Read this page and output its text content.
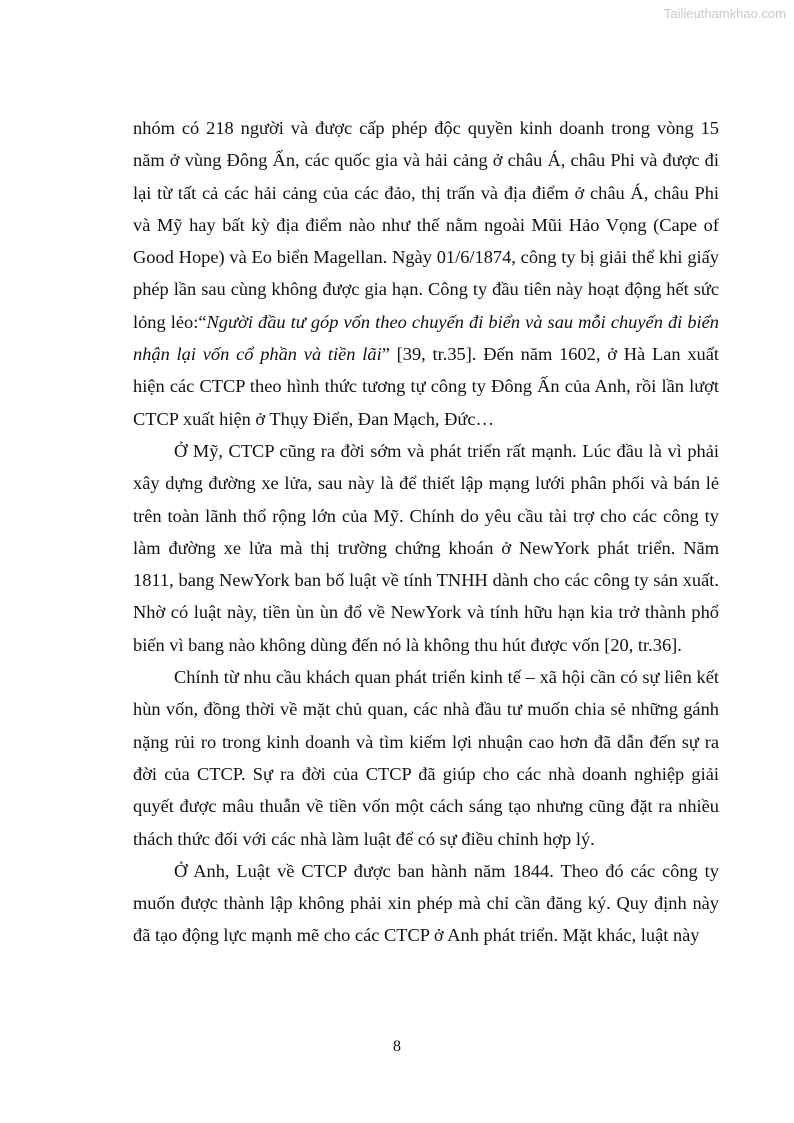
Tailieuthamkhao.com

nhóm có 218 người và được cấp phép độc quyền kinh doanh trong vòng 15 năm ở vùng Đông Ấn, các quốc gia và hải cảng ở châu Á, châu Phi và được đi lại từ tất cả các hải cảng của các đảo, thị trấn và địa điểm ở châu Á, châu Phi và Mỹ hay bất kỳ địa điểm nào như thế nằm ngoài Mũi Hảo Vọng (Cape of Good Hope) và Eo biển Magellan. Ngày 01/6/1874, công ty bị giải thể khi giấy phép lần sau cùng không được gia hạn. Công ty đầu tiên này hoạt động hết sức lỏng lẻo:“Người đầu tư góp vốn theo chuyến đi biển và sau mỗi chuyến đi biển nhận lại vốn cổ phần và tiền lãi” [39, tr.35]. Đến năm 1602, ở Hà Lan xuất hiện các CTCP theo hình thức tương tự công ty Đông Ấn của Anh, rồi lần lượt CTCP xuất hiện ở Thụy Điển, Đan Mạch, Đức…

Ở Mỹ, CTCP cũng ra đời sớm và phát triển rất mạnh. Lúc đầu là vì phải xây dựng đường xe lửa, sau này là để thiết lập mạng lưới phân phối và bán lẻ trên toàn lãnh thổ rộng lớn của Mỹ. Chính do yêu cầu tài trợ cho các công ty làm đường xe lửa mà thị trường chứng khoán ở NewYork phát triển. Năm 1811, bang NewYork ban bố luật về tính TNHH dành cho các công ty sản xuất. Nhờ có luật này, tiền ùn ùn đổ về NewYork và tính hữu hạn kia trở thành phổ biến vì bang nào không dùng đến nó là không thu hút được vốn [20, tr.36].

Chính từ nhu cầu khách quan phát triển kinh tế – xã hội cần có sự liên kết hùn vốn, đồng thời về mặt chủ quan, các nhà đầu tư muốn chia sẻ những gánh nặng rủi ro trong kinh doanh và tìm kiếm lợi nhuận cao hơn đã dẫn đến sự ra đời của CTCP. Sự ra đời của CTCP đã giúp cho các nhà doanh nghiệp giải quyết được mâu thuẫn về tiền vốn một cách sáng tạo nhưng cũng đặt ra nhiều thách thức đối với các nhà làm luật để có sự điều chỉnh hợp lý.

Ở Anh, Luật về CTCP được ban hành năm 1844. Theo đó các công ty muốn được thành lập không phải xin phép mà chỉ cần đăng ký. Quy định này đã tạo động lực mạnh mẽ cho các CTCP ở Anh phát triển. Mặt khác, luật này

8
